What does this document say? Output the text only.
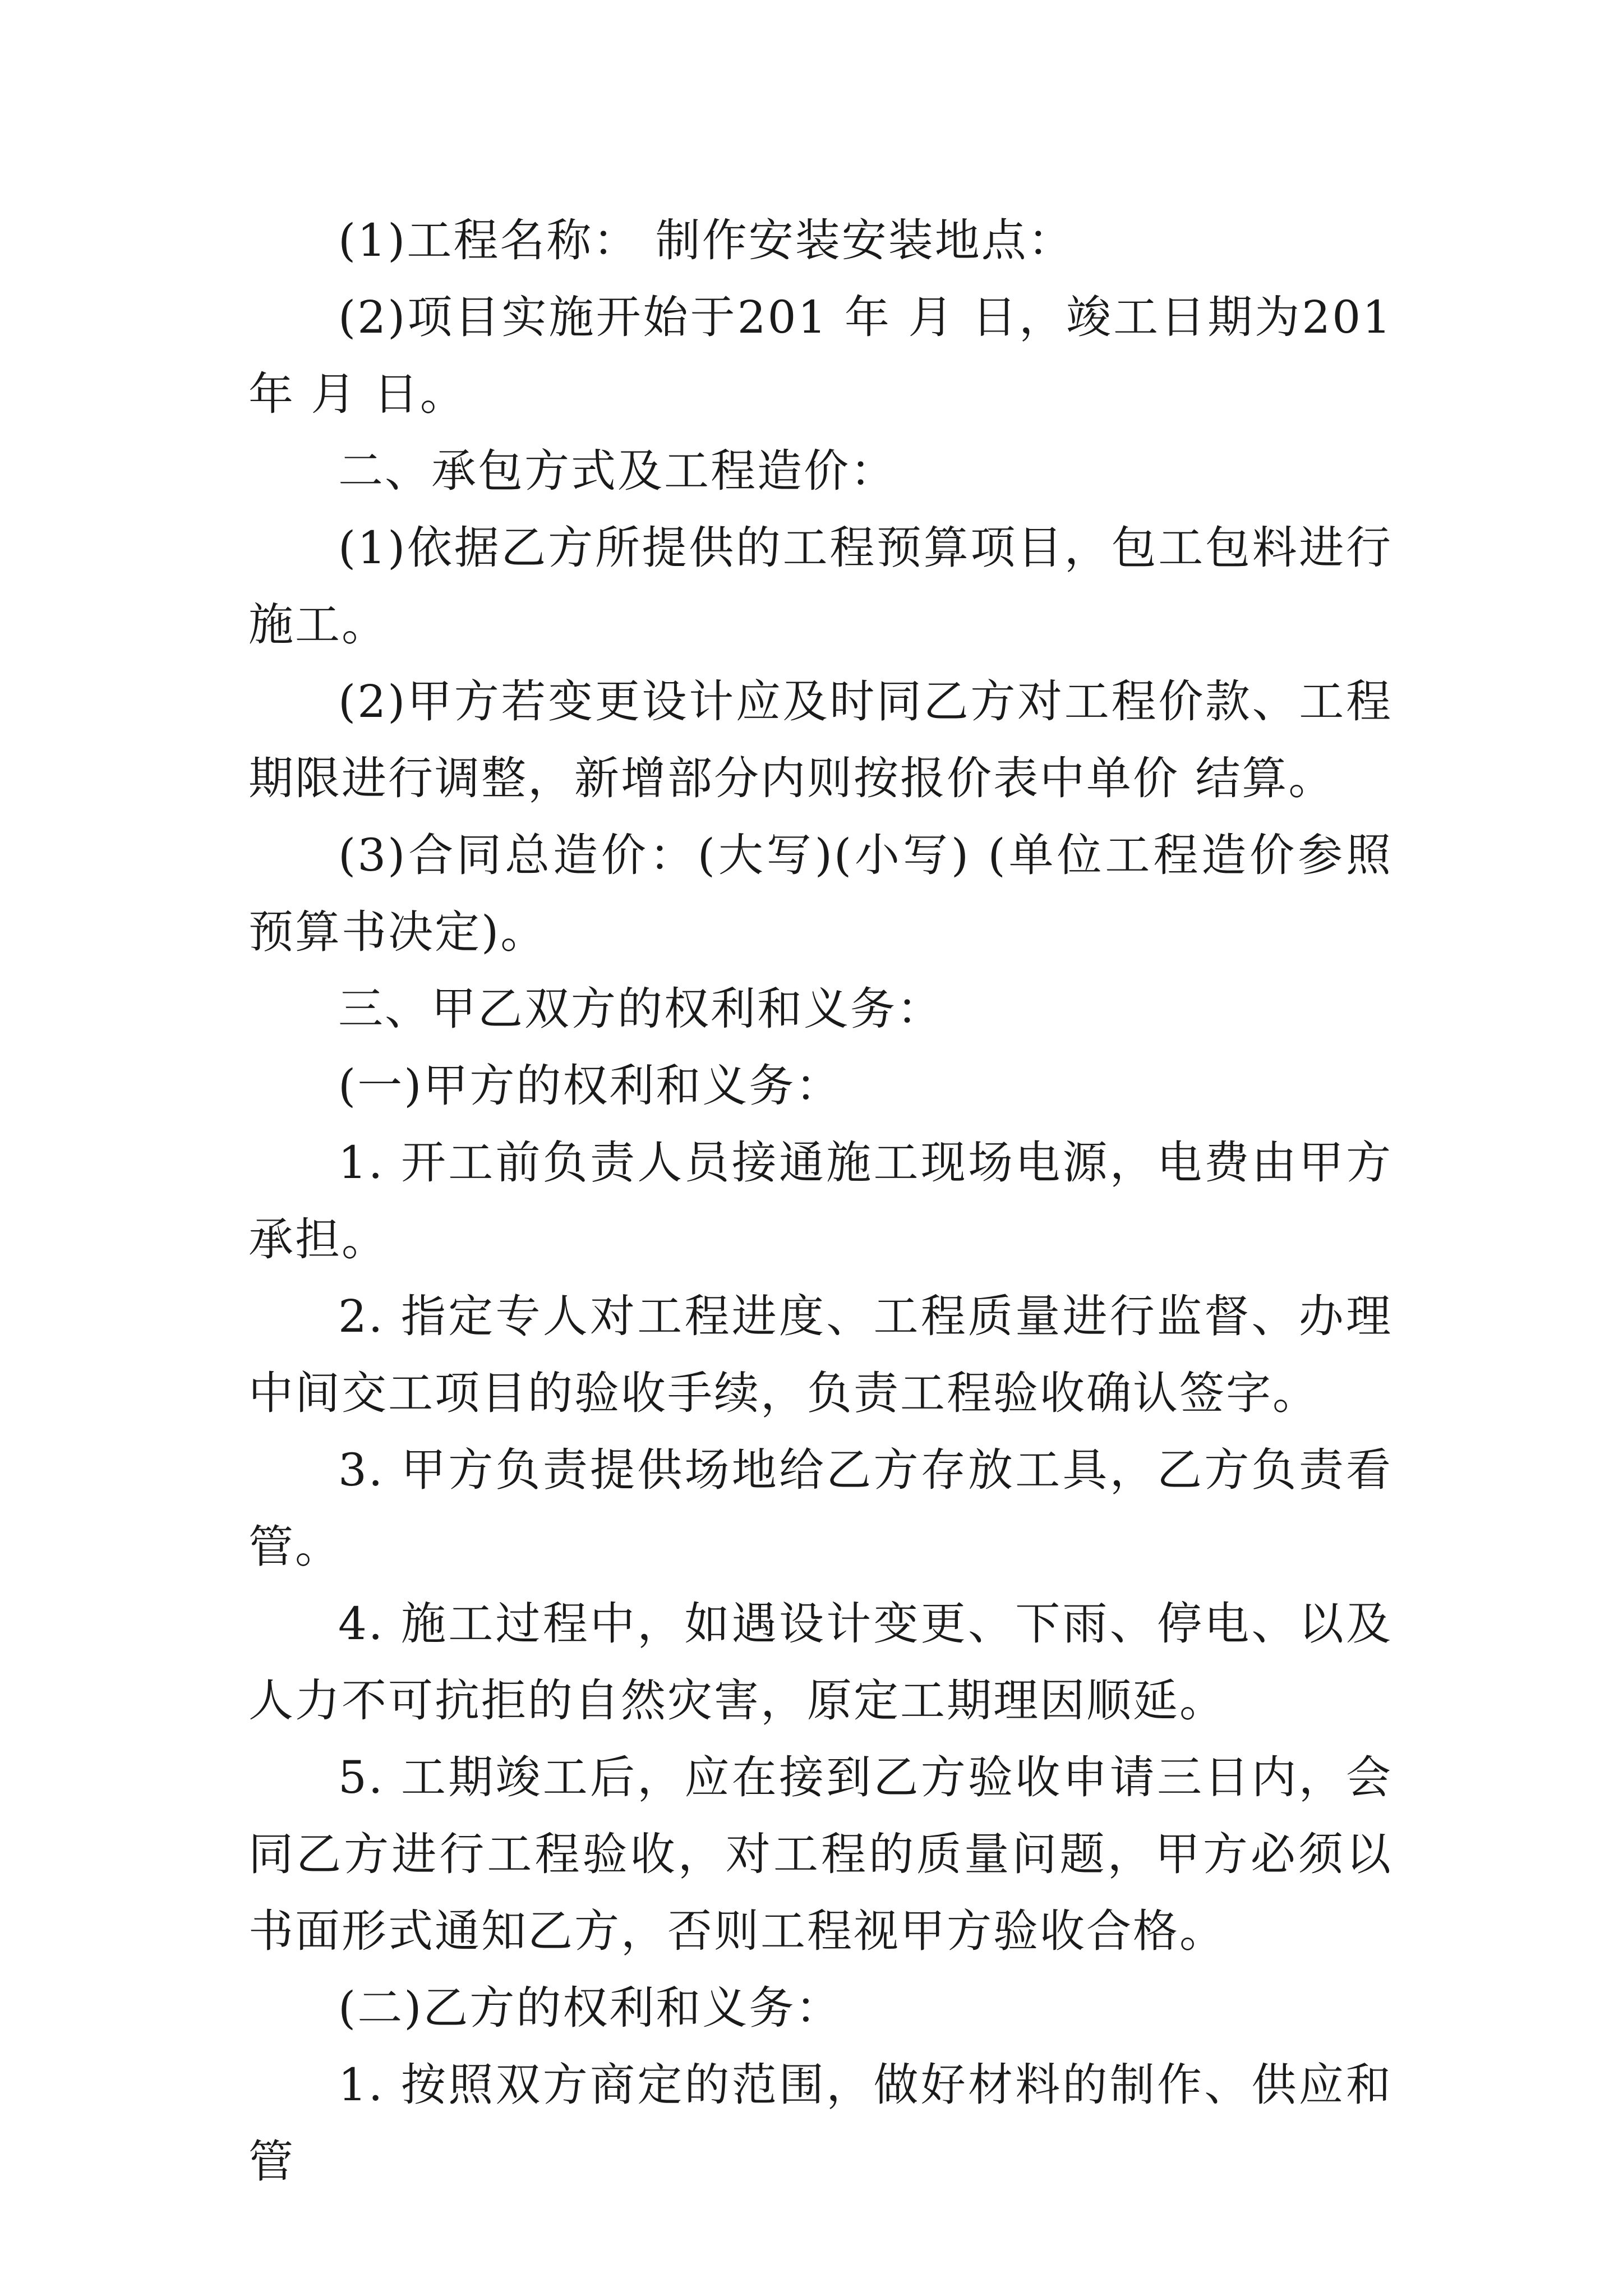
(1)工程名称： 制作安装安装地点：

(2)项目实施开始于201 年 月 日，竣工日期为201 年 月 日。

二、承包方式及工程造价：

(1)依据乙方所提供的工程预算项目，包工包料进行施工。

(2)甲方若变更设计应及时同乙方对工程价款、工程期限进行调整，新增部分内则按报价表中单价 结算。

(3)合同总造价：(大写)(小写) (单位工程造价参照预算书决定)。

三、甲乙双方的权利和义务：

(一)甲方的权利和义务：

1. 开工前负责人员接通施工现场电源，电费由甲方承担。

2. 指定专人对工程进度、工程质量进行监督、办理中间交工项目的验收手续，负责工程验收确认签字。

3. 甲方负责提供场地给乙方存放工具，乙方负责看管。

4. 施工过程中，如遇设计变更、下雨、停电、以及人力不可抗拒的自然灾害，原定工期理因顺延。

5. 工期竣工后，应在接到乙方验收申请三日内，会同乙方进行工程验收，对工程的质量问题，甲方必须以书面形式通知乙方，否则工程视甲方验收合格。

(二)乙方的权利和义务：

1. 按照双方商定的范围，做好材料的制作、供应和管
